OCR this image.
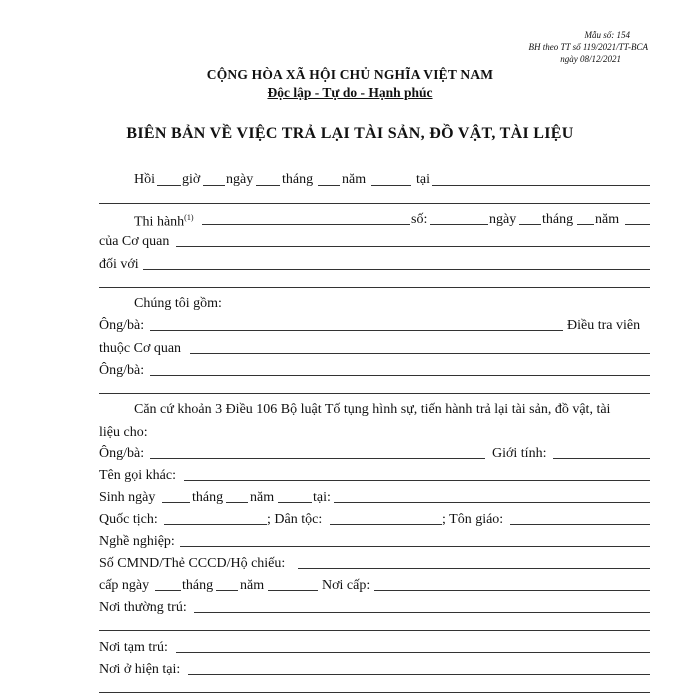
Mẫu số: 154
BH theo TT số 119/2021/TT-BCA
ngày 08/12/2021
CỘNG HÒA XÃ HỘI CHỦ NGHĨA VIỆT NAM
Độc lập - Tự do - Hạnh phúc
BIÊN BẢN VỀ VIỆC TRẢ LẠI TÀI SẢN, ĐỒ VẬT, TÀI LIỆU
Hồi giờ ngày tháng năm	tại
Thi hành$^{(1)}$	số:	ngày tháng năm
của Cơ quan
đối với
Chúng tôi gồm:
Ông/bà:	Điều tra viên
thuộc Cơ quan
Ông/bà:
Căn cứ khoản 3 Điều 106 Bộ luật Tố tụng hình sự, tiến hành trả lại tài sản, đồ vật, tài
liệu cho:
Ông/bà:	Giới tính:
Tên gọi khác:
Sinh ngày	tháng năm	tại:
Quốc tịch:	; Dân tộc:	; Tôn giáo:
Nghề nghiệp:
Số CMND/Thẻ CCCD/Hộ chiếu:
cấp ngày tháng năm	Nơi cấp:
Nơi thường trú:
Nơi tạm trú:
Nơi ở hiện tại:
